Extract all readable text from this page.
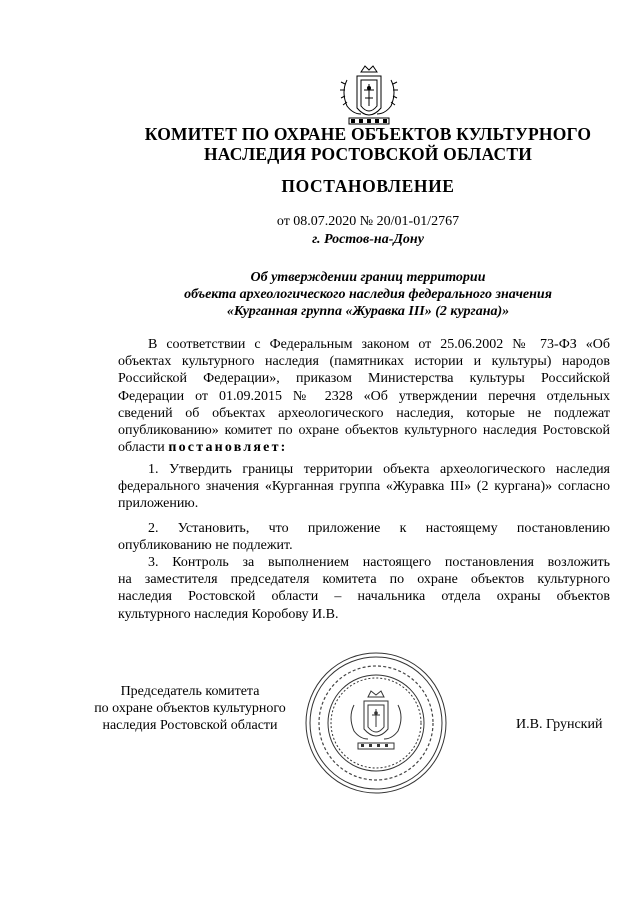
КОМИТЕТ ПО ОХРАНЕ ОБЪЕКТОВ КУЛЬТУРНОГО
НАСЛЕДИЯ РОСТОВСКОЙ ОБЛАСТИ
ПОСТАНОВЛЕНИЕ
от 08.07.2020 № 20/01-01/2767
г. Ростов-на-Дону
Об утверждении границ территории
объекта археологического наследия федерального значения
«Курганная группа «Журавка III» (2 кургана)»
В соответствии с Федеральным законом от 25.06.2002 № 73-ФЗ «Об
объектах культурного наследия (памятниках истории и культуры) народов
Российской Федерации», приказом Министерства культуры Российской
Федерации от 01.09.2015 № 2328 «Об утверждении перечня отдельных
сведений об объектах археологического наследия, которые не подлежат
опубликованию» комитет по охране объектов культурного наследия Ростовской
области постановляет:
1. Утвердить границы территории объекта археологического наследия
федерального значения «Курганная группа «Журавка III» (2 кургана)» согласно
приложению.
2. Установить, что приложение к настоящему постановлению
опубликованию не подлежит.
3. Контроль за выполнением настоящего постановления возложить
на заместителя председателя комитета по охране объектов культурного
наследия Ростовской области – начальника отдела охраны объектов
культурного наследия Коробову И.В.
Председатель комитета
по охране объектов культурного
наследия Ростовской области	И.В. Грунский
